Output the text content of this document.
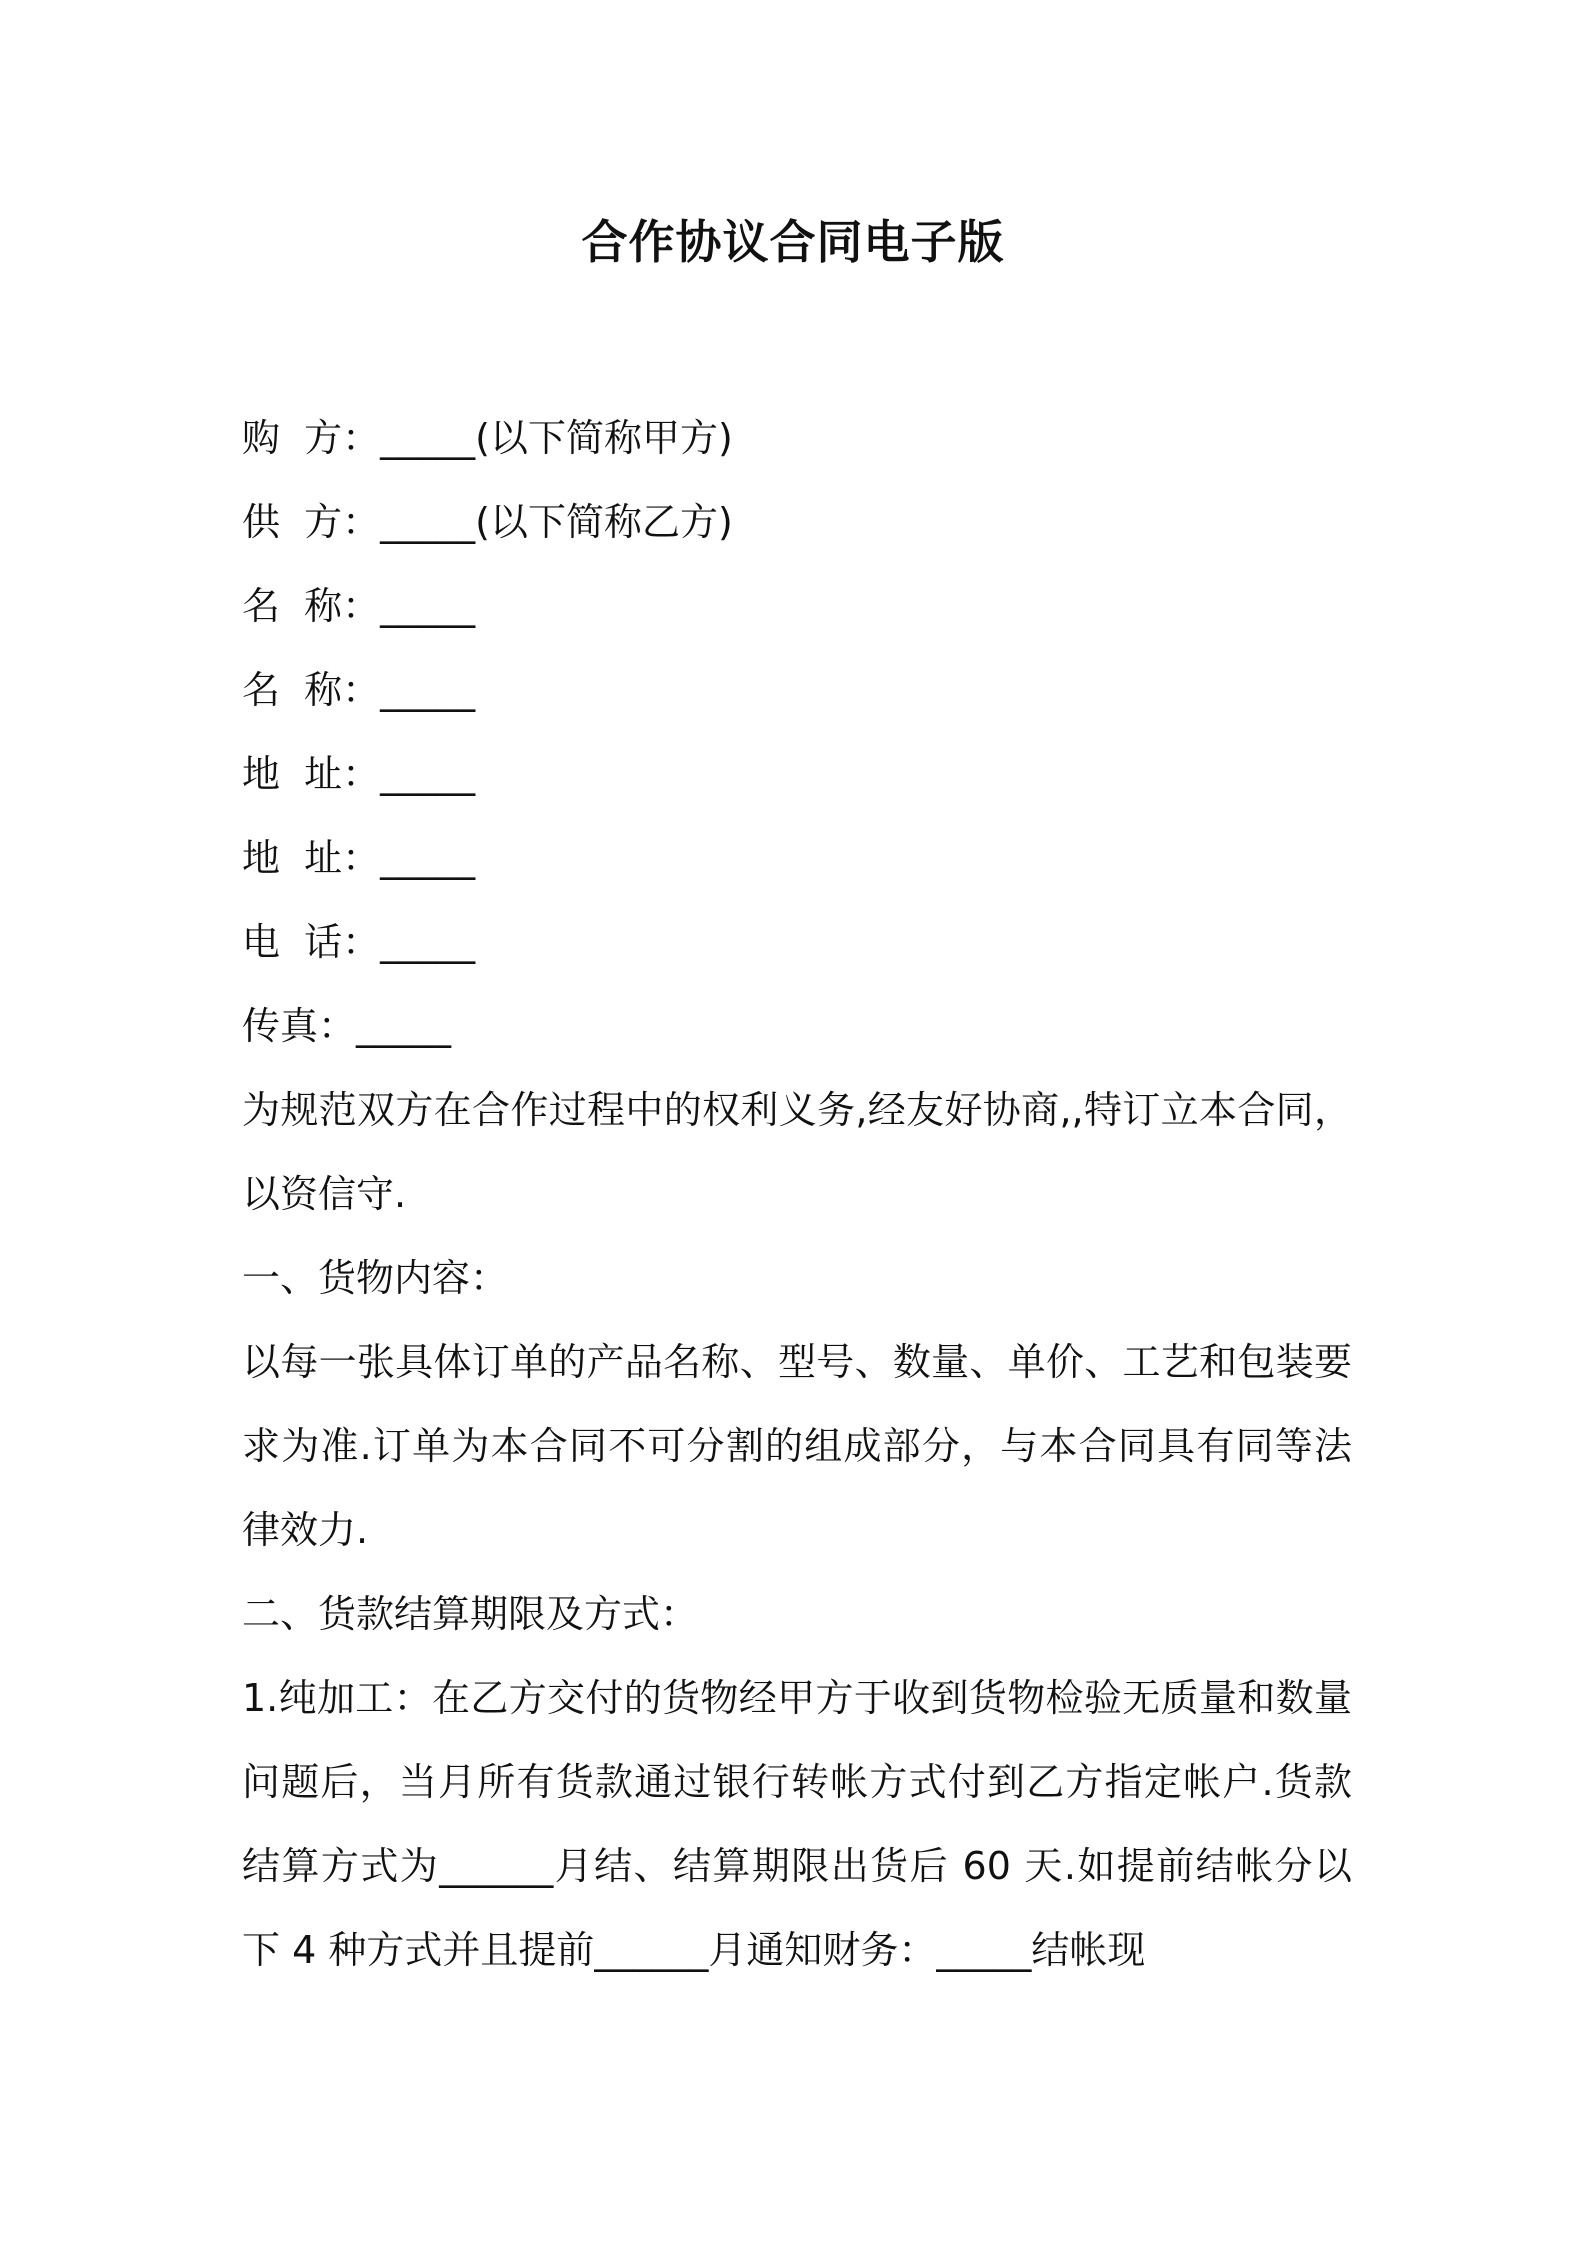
合作协议合同电子版
购  方：_____(以下简称甲方)
供  方：_____(以下简称乙方)
名  称：_____
名  称：_____
地  址：_____
地  址：_____
电  话：_____
传真：_____
为规范双方在合作过程中的权利义务,经友好协商,,特订立本合同，以资信守.
一、货物内容：
以每一张具体订单的产品名称、型号、数量、单价、工艺和包装要求为准.订单为本合同不可分割的组成部分，与本合同具有同等法律效力.
二、货款结算期限及方式：
1.纯加工：在乙方交付的货物经甲方于收到货物检验无质量和数量问题后，当月所有货款通过银行转帐方式付到乙方指定帐户.货款结算方式为______月结、结算期限出货后 60 天.如提前结帐分以下 4 种方式并且提前______月通知财务：_____结帐现
